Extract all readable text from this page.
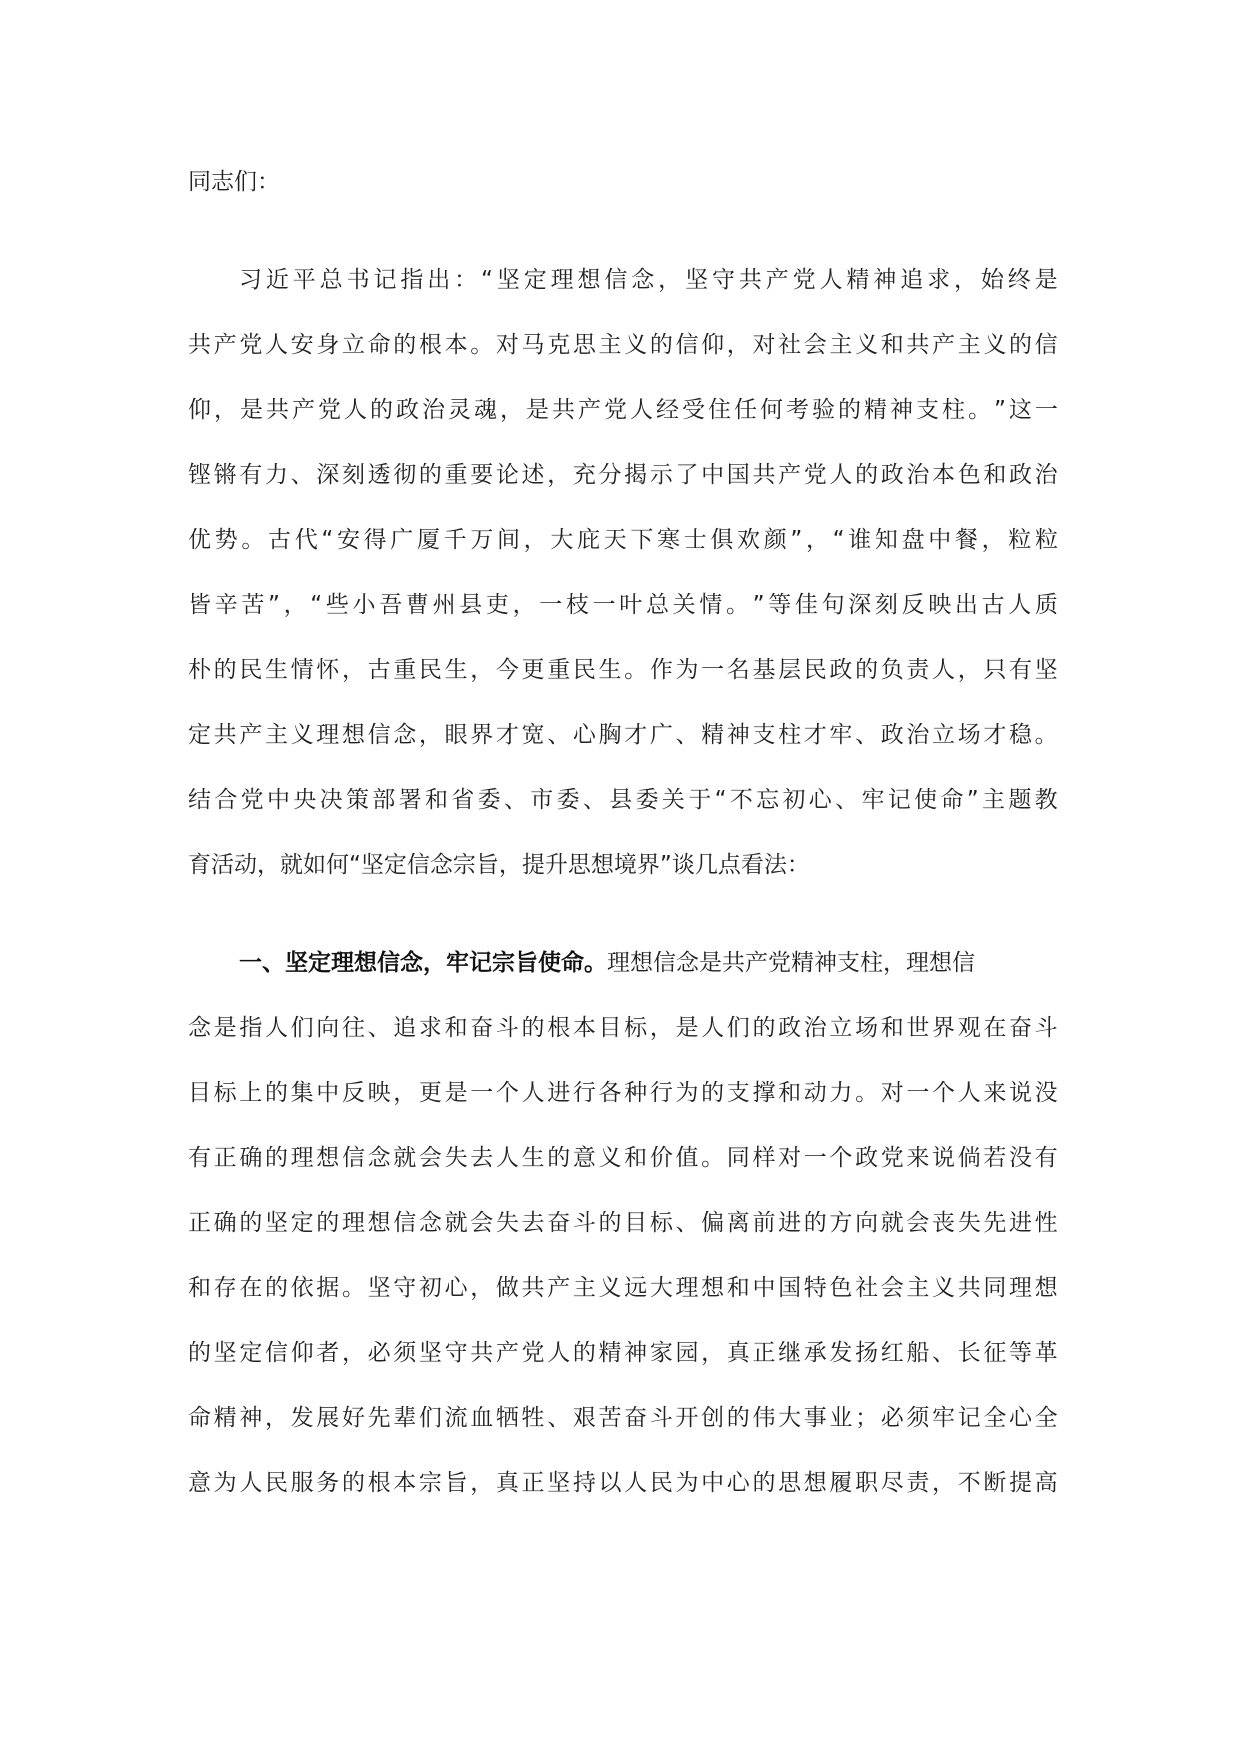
同志们：
习 近 平 总 书 记 指 出 ： “ 坚 定 理 想 信 念 ， 坚 守 共 产 党 人 精 神 追 求 ， 始 终 是
共 产 党 人 安 身 立 命 的 根 本 。 对 马 克 思 主 义 的 信 仰 ， 对 社 会 主 义 和 共 产 主 义 的 信
仰 ， 是 共 产 党 人 的 政 治 灵 魂 ， 是 共 产 党 人 经 受 住 任 何 考 验 的 精 神 支 柱 。 ” 这 一
铿 锵 有 力 、 深 刻 透 彻 的 重 要 论 述 ， 充 分 揭 示 了 中 国 共 产 党 人 的 政 治 本 色 和 政 治
优 势 。 古 代 “ 安 得 广 厦 千 万 间 ， 大 庇 天 下 寒 士 俱 欢 颜 ” ， “ 谁 知 盘 中 餐 ， 粒 粒
皆 辛 苦 ” ， “ 些 小 吾 曹 州 县 吏 ， 一 枝 一 叶 总 关 情 。 ” 等 佳 句 深 刻 反 映 出 古 人 质
朴 的 民 生 情 怀 ， 古 重 民 生 ， 今 更 重 民 生 。 作 为 一 名 基 层 民 政 的 负 责 人 ， 只 有 坚
定 共 产 主 义 理 想 信 念 ， 眼 界 才 宽 、 心 胸 才 广 、 精 神 支 柱 才 牢 、 政 治 立 场 才 稳 。
结 合 党 中 央 决 策 部 署 和 省 委 、 市 委 、 县 委 关 于 “ 不 忘 初 心 、 牢 记 使 命 ” 主 题 教
育活动，就如何“坚定信念宗旨，提升思想境界”谈几点看法：
一、坚定理想信念，牢记宗旨使命。 理想信念是共产党精神支柱，理想信
念 是 指 人 们 向 往 、 追 求 和 奋 斗 的 根 本 目 标 ， 是 人 们 的 政 治 立 场 和 世 界 观 在 奋 斗
目 标 上 的 集 中 反 映 ， 更 是 一 个 人 进 行 各 种 行 为 的 支 撑 和 动 力 。 对 一 个 人 来 说 没
有 正 确 的 理 想 信 念 就 会 失 去 人 生 的 意 义 和 价 值 。 同 样 对 一 个 政 党 来 说 倘 若 没 有
正 确 的 坚 定 的 理 想 信 念 就 会 失 去 奋 斗 的 目 标 、 偏 离 前 进 的 方 向 就 会 丧 失 先 进 性
和 存 在 的 依 据 。 坚 守 初 心 ， 做 共 产 主 义 远 大 理 想 和 中 国 特 色 社 会 主 义 共 同 理 想
的 坚 定 信 仰 者 ， 必 须 坚 守 共 产 党 人 的 精 神 家 园 ， 真 正 继 承 发 扬 红 船 、 长 征 等 革
命 精 神 ， 发 展 好 先 辈 们 流 血 牺 牲 、 艰 苦 奋 斗 开 创 的 伟 大 事 业 ； 必 须 牢 记 全 心 全
意 为 人 民 服 务 的 根 本 宗 旨 ， 真 正 坚 持 以 人 民 为 中 心 的 思 想 履 职 尽 责 ， 不 断 提 高
